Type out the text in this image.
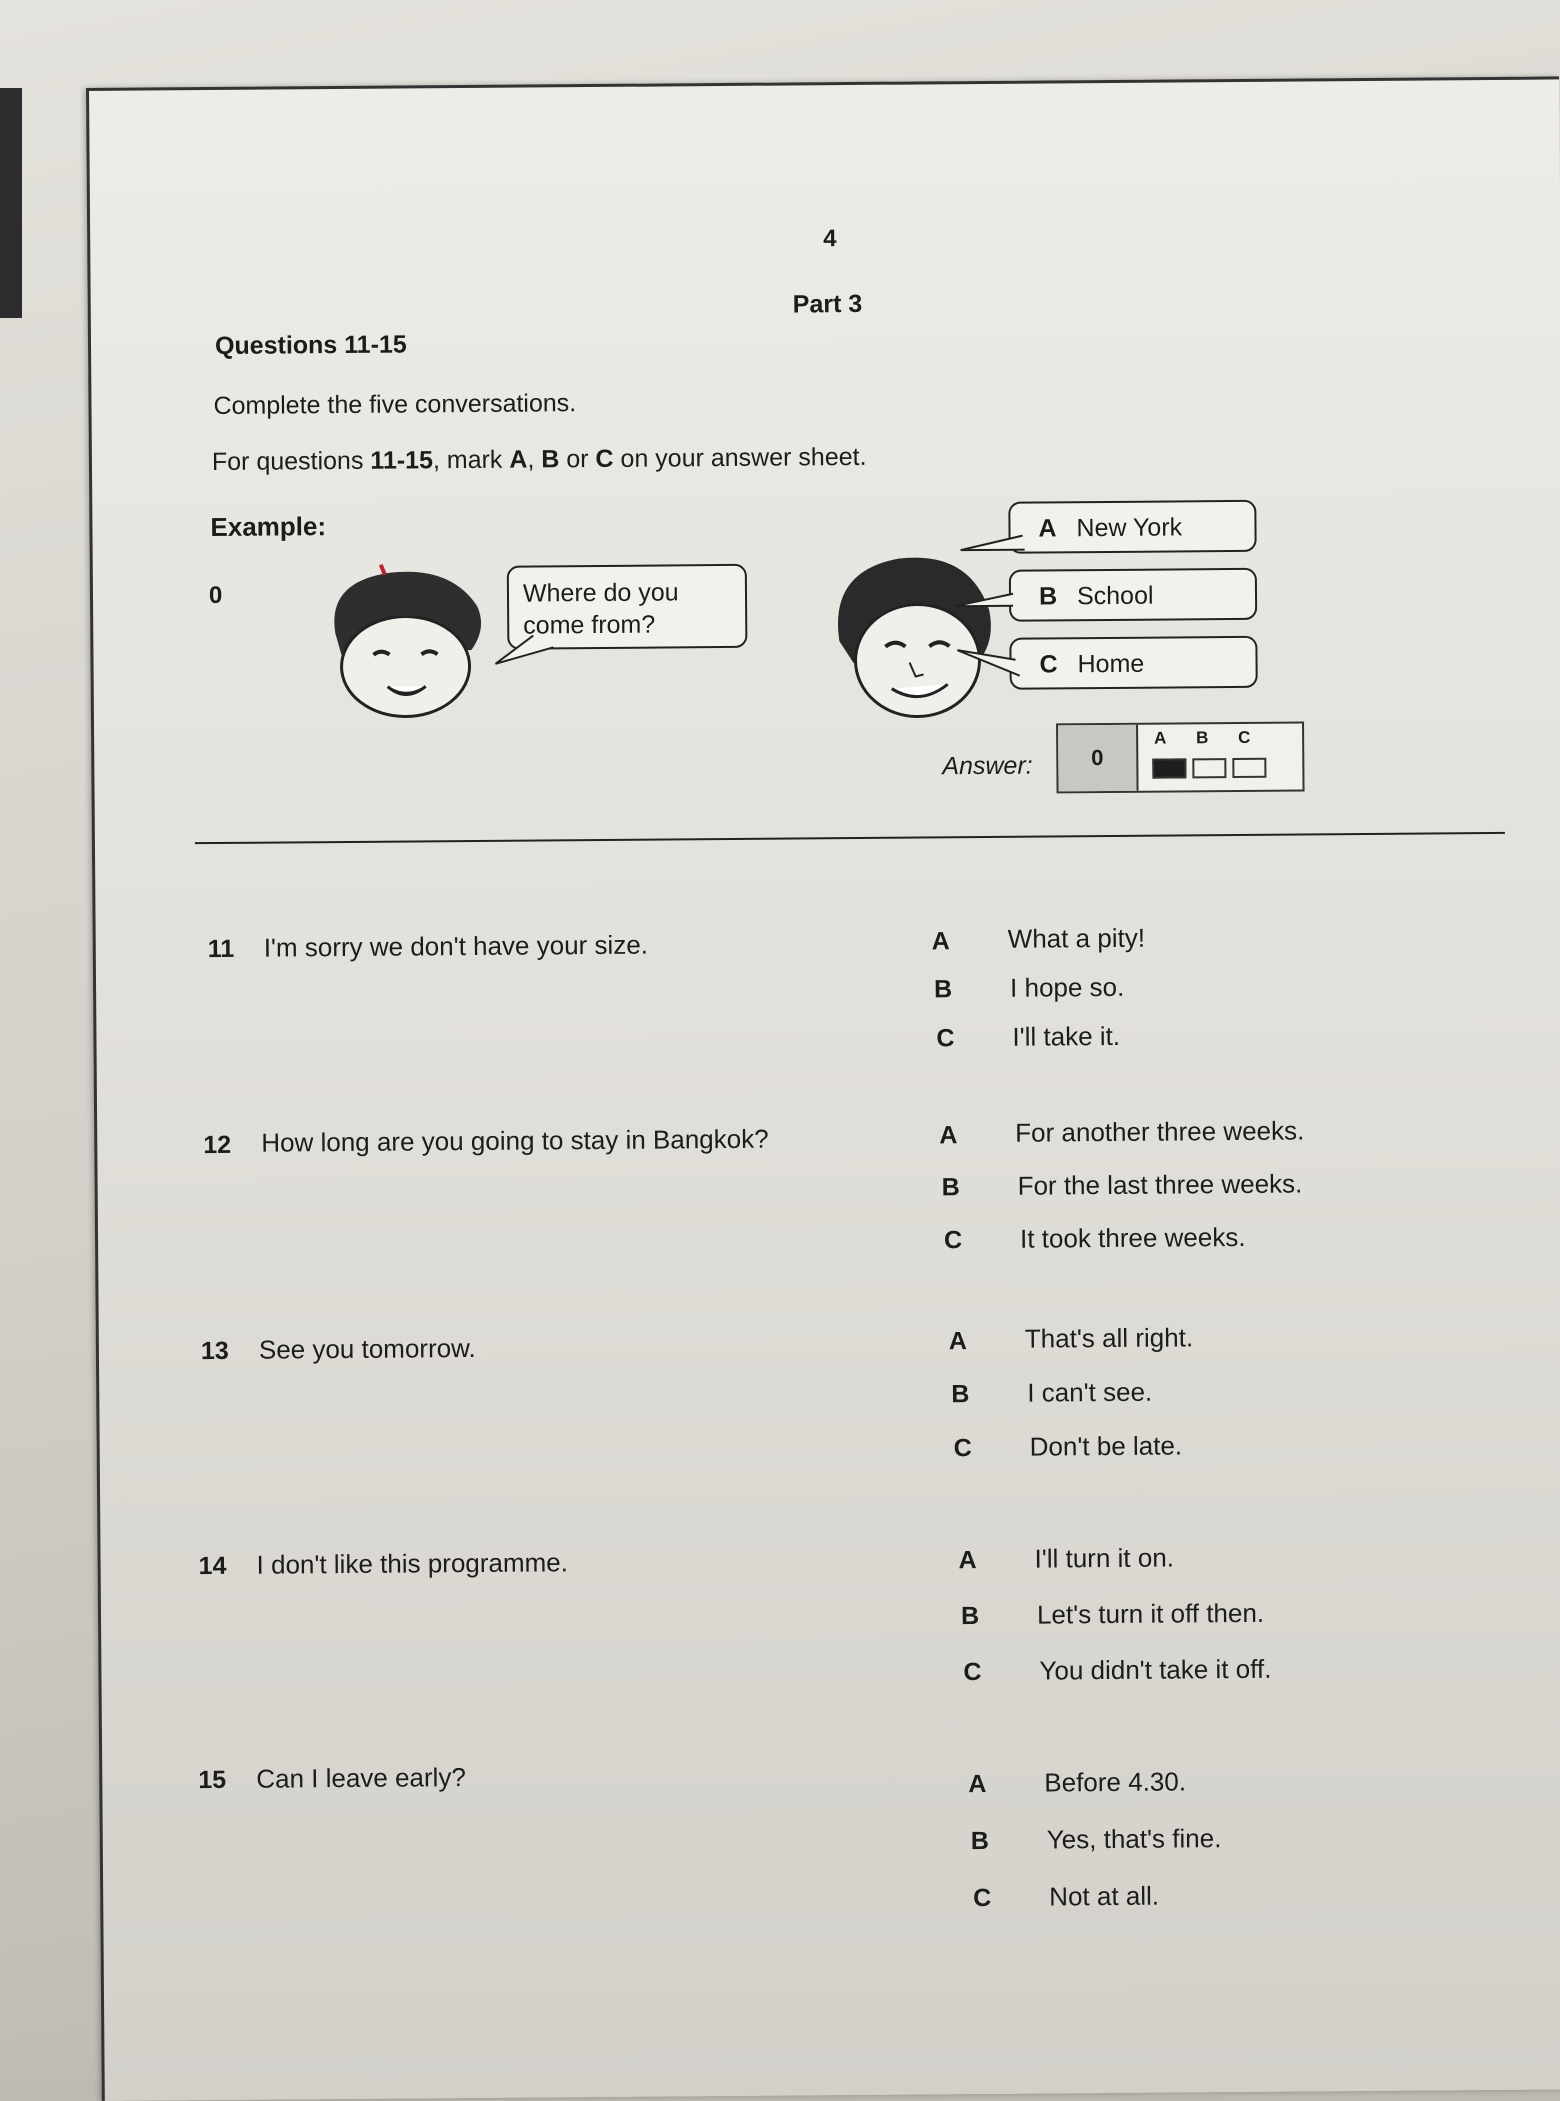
4
Part 3
Questions 11-15
Complete the five conversations.
For questions 11-15, mark A, B or C on your answer sheet.
Example:
0	Where do you
come from?
A New York
B School
C Home
Answer:	0
A B C
11 I'm sorry we don't have your size.	A What a pity!
B I hope so.
C I'll take it.
12 How long are you going to stay in Bangkok?	A For another three weeks.
B For the last three weeks.
C It took three weeks.
13 See you tomorrow.	A That's all right.
B I can't see.
C Don't be late.
14 I don't like this programme.	A I'll turn it on.
B Let's turn it off then.
C You didn't take it off.
15 Can I leave early?	A Before 4.30.
B Yes, that's fine.
C Not at all.
